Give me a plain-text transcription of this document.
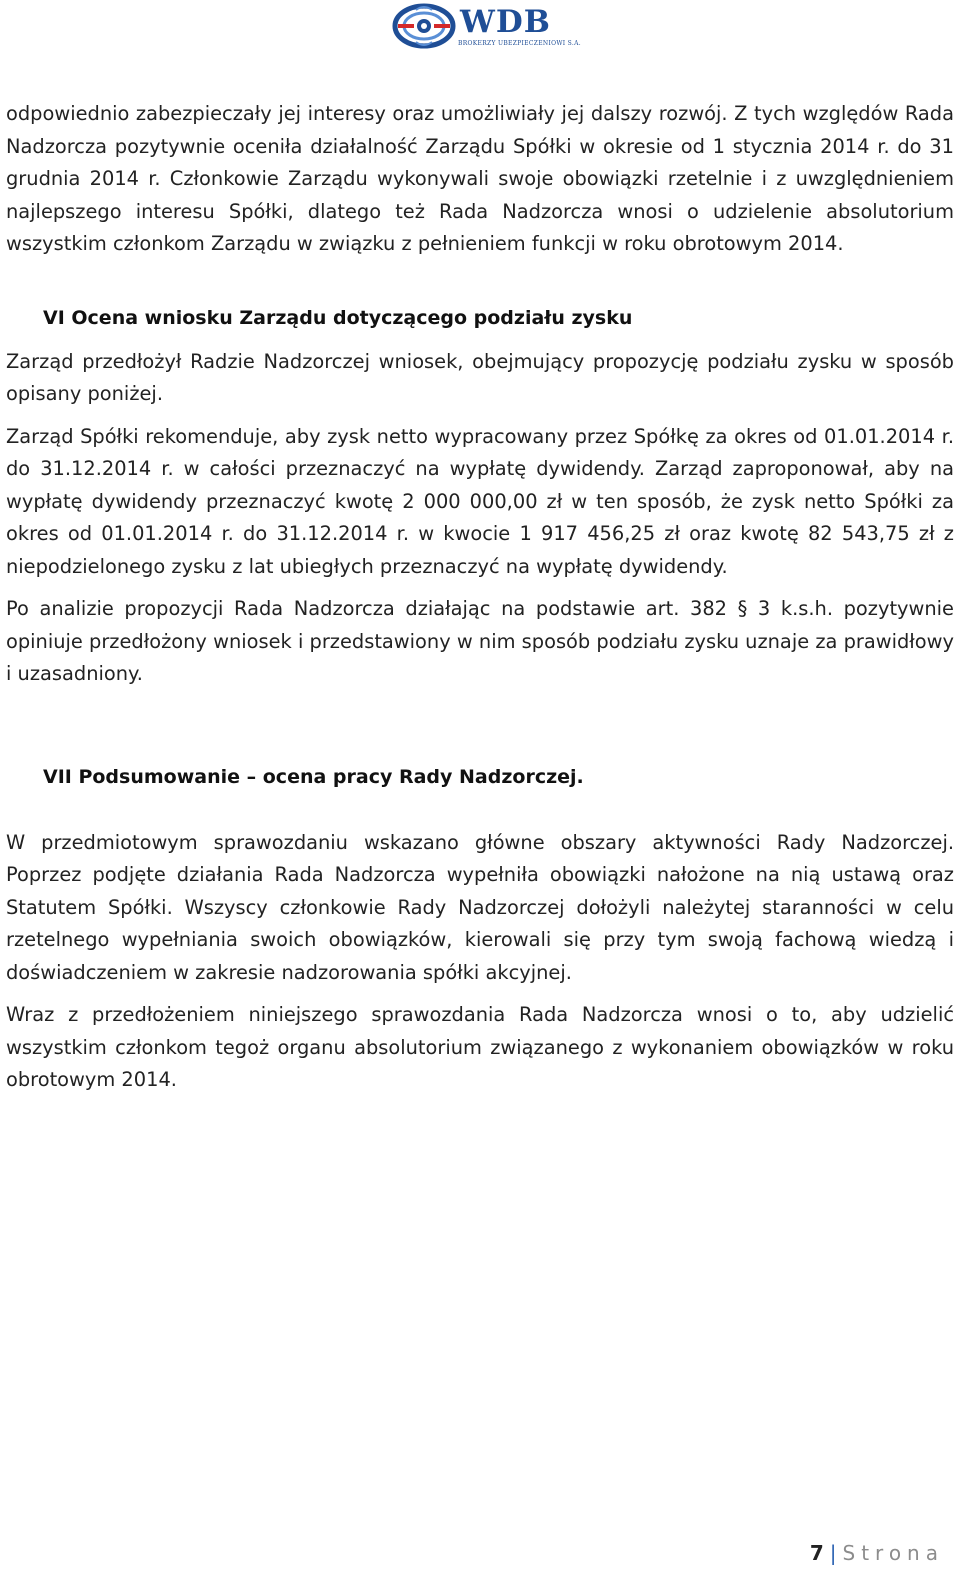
WDB
BROKERZY UBEZPIECZENIOWI S.A.

odpowiednio zabezpieczały jej interesy oraz umożliwiały jej dalszy rozwój. Z tych względów Rada Nadzorcza pozytywnie oceniła działalność Zarządu Spółki w okresie od 1 stycznia 2014 r. do 31 grudnia 2014 r. Członkowie Zarządu wykonywali swoje obowiązki rzetelnie i z uwzględnieniem najlepszego interesu Spółki, dlatego też Rada Nadzorcza wnosi o udzielenie absolutorium wszystkim członkom Zarządu w związku z pełnieniem funkcji w roku obrotowym 2014.

VI Ocena wniosku Zarządu dotyczącego podziału zysku

Zarząd przedłożył Radzie Nadzorczej wniosek, obejmujący propozycję podziału zysku w sposób opisany poniżej.

Zarząd Spółki rekomenduje, aby zysk netto wypracowany przez Spółkę za okres od 01.01.2014 r. do 31.12.2014 r. w całości przeznaczyć na wypłatę dywidendy. Zarząd zaproponował, aby na wypłatę dywidendy przeznaczyć kwotę 2 000 000,00 zł w ten sposób, że zysk netto Spółki za okres od 01.01.2014 r. do 31.12.2014 r. w kwocie 1 917 456,25 zł oraz kwotę 82 543,75 zł z niepodzielonego zysku z lat ubiegłych przeznaczyć na wypłatę dywidendy.

Po analizie propozycji Rada Nadzorcza działając na podstawie art. 382 § 3 k.s.h. pozytywnie opiniuje przedłożony wniosek i przedstawiony w nim sposób podziału zysku uznaje za prawidłowy i uzasadniony.

VII Podsumowanie – ocena pracy Rady Nadzorczej.

W przedmiotowym sprawozdaniu wskazano główne obszary aktywności Rady Nadzorczej. Poprzez podjęte działania Rada Nadzorcza wypełniła obowiązki nałożone na nią ustawą oraz Statutem Spółki. Wszyscy członkowie Rady Nadzorczej dołożyli należytej staranności w celu rzetelnego wypełniania swoich obowiązków, kierowali się przy tym swoją fachową wiedzą i doświadczeniem w zakresie nadzorowania spółki akcyjnej.

Wraz z przedłożeniem niniejszego sprawozdania Rada Nadzorcza wnosi o to, aby udzielić wszystkim członkom tegoż organu absolutorium związanego z wykonaniem obowiązków w roku obrotowym 2014.

7 | Strona
